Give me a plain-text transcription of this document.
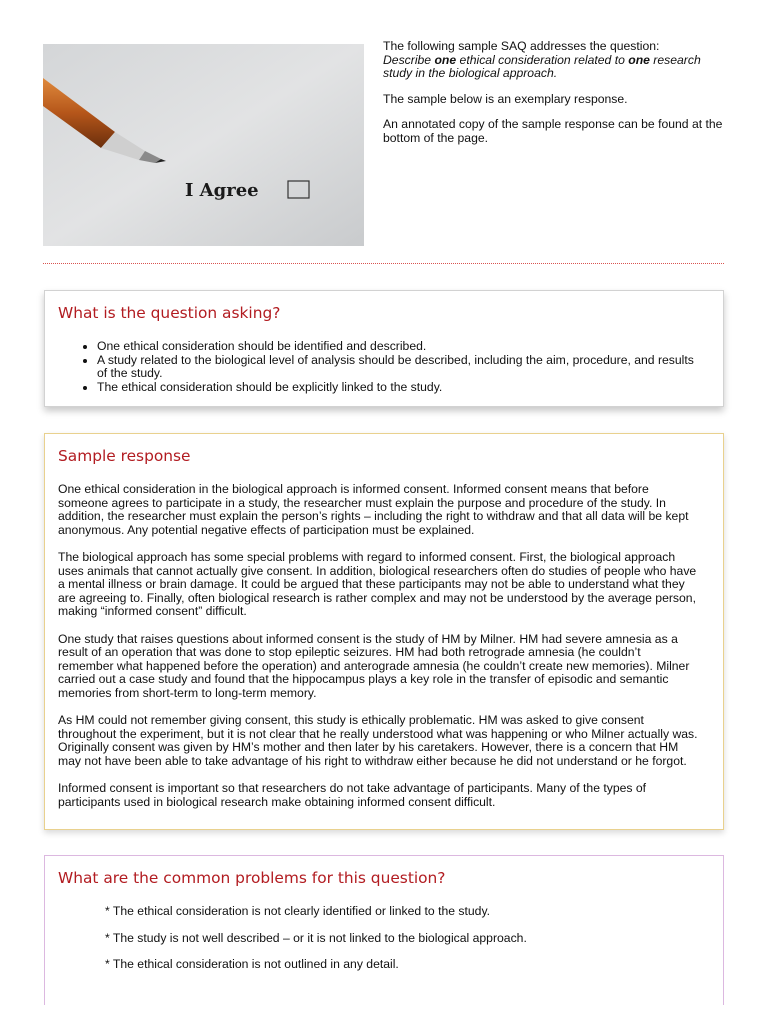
I Agree

The following sample SAQ addresses the question:
Describe one ethical consideration related to one research study in the biological approach.

The sample below is an exemplary response.

An annotated copy of the sample response can be found at the bottom of the page.

What is the question asking?
• One ethical consideration should be identified and described.
• A study related to the biological level of analysis should be described, including the aim, procedure, and results of the study.
• The ethical consideration should be explicitly linked to the study.
Sample response

One ethical consideration in the biological approach is informed consent. Informed consent means that before someone agrees to participate in a study, the researcher must explain the purpose and procedure of the study. In addition, the researcher must explain the person’s rights – including the right to withdraw and that all data will be kept anonymous. Any potential negative effects of participation must be explained.

The biological approach has some special problems with regard to informed consent. First, the biological approach uses animals that cannot actually give consent. In addition, biological researchers often do studies of people who have a mental illness or brain damage. It could be argued that these participants may not be able to understand what they are agreeing to. Finally, often biological research is rather complex and may not be understood by the average person, making “informed consent” difficult.

One study that raises questions about informed consent is the study of HM by Milner. HM had severe amnesia as a result of an operation that was done to stop epileptic seizures. HM had both retrograde amnesia (he couldn’t remember what happened before the operation) and anterograde amnesia (he couldn’t create new memories). Milner carried out a case study and found that the hippocampus plays a key role in the transfer of episodic and semantic memories from short-term to long-term memory.

As HM could not remember giving consent, this study is ethically problematic. HM was asked to give consent throughout the experiment, but it is not clear that he really understood what was happening or who Milner actually was. Originally consent was given by HM’s mother and then later by his caretakers. However, there is a concern that HM may not have been able to take advantage of his right to withdraw either because he did not understand or he forgot.

Informed consent is important so that researchers do not take advantage of participants. Many of the types of participants used in biological research make obtaining informed consent difficult.

What are the common problems for this question?

* The ethical consideration is not clearly identified or linked to the study.

* The study is not well described – or it is not linked to the biological approach.

* The ethical consideration is not outlined in any detail.
